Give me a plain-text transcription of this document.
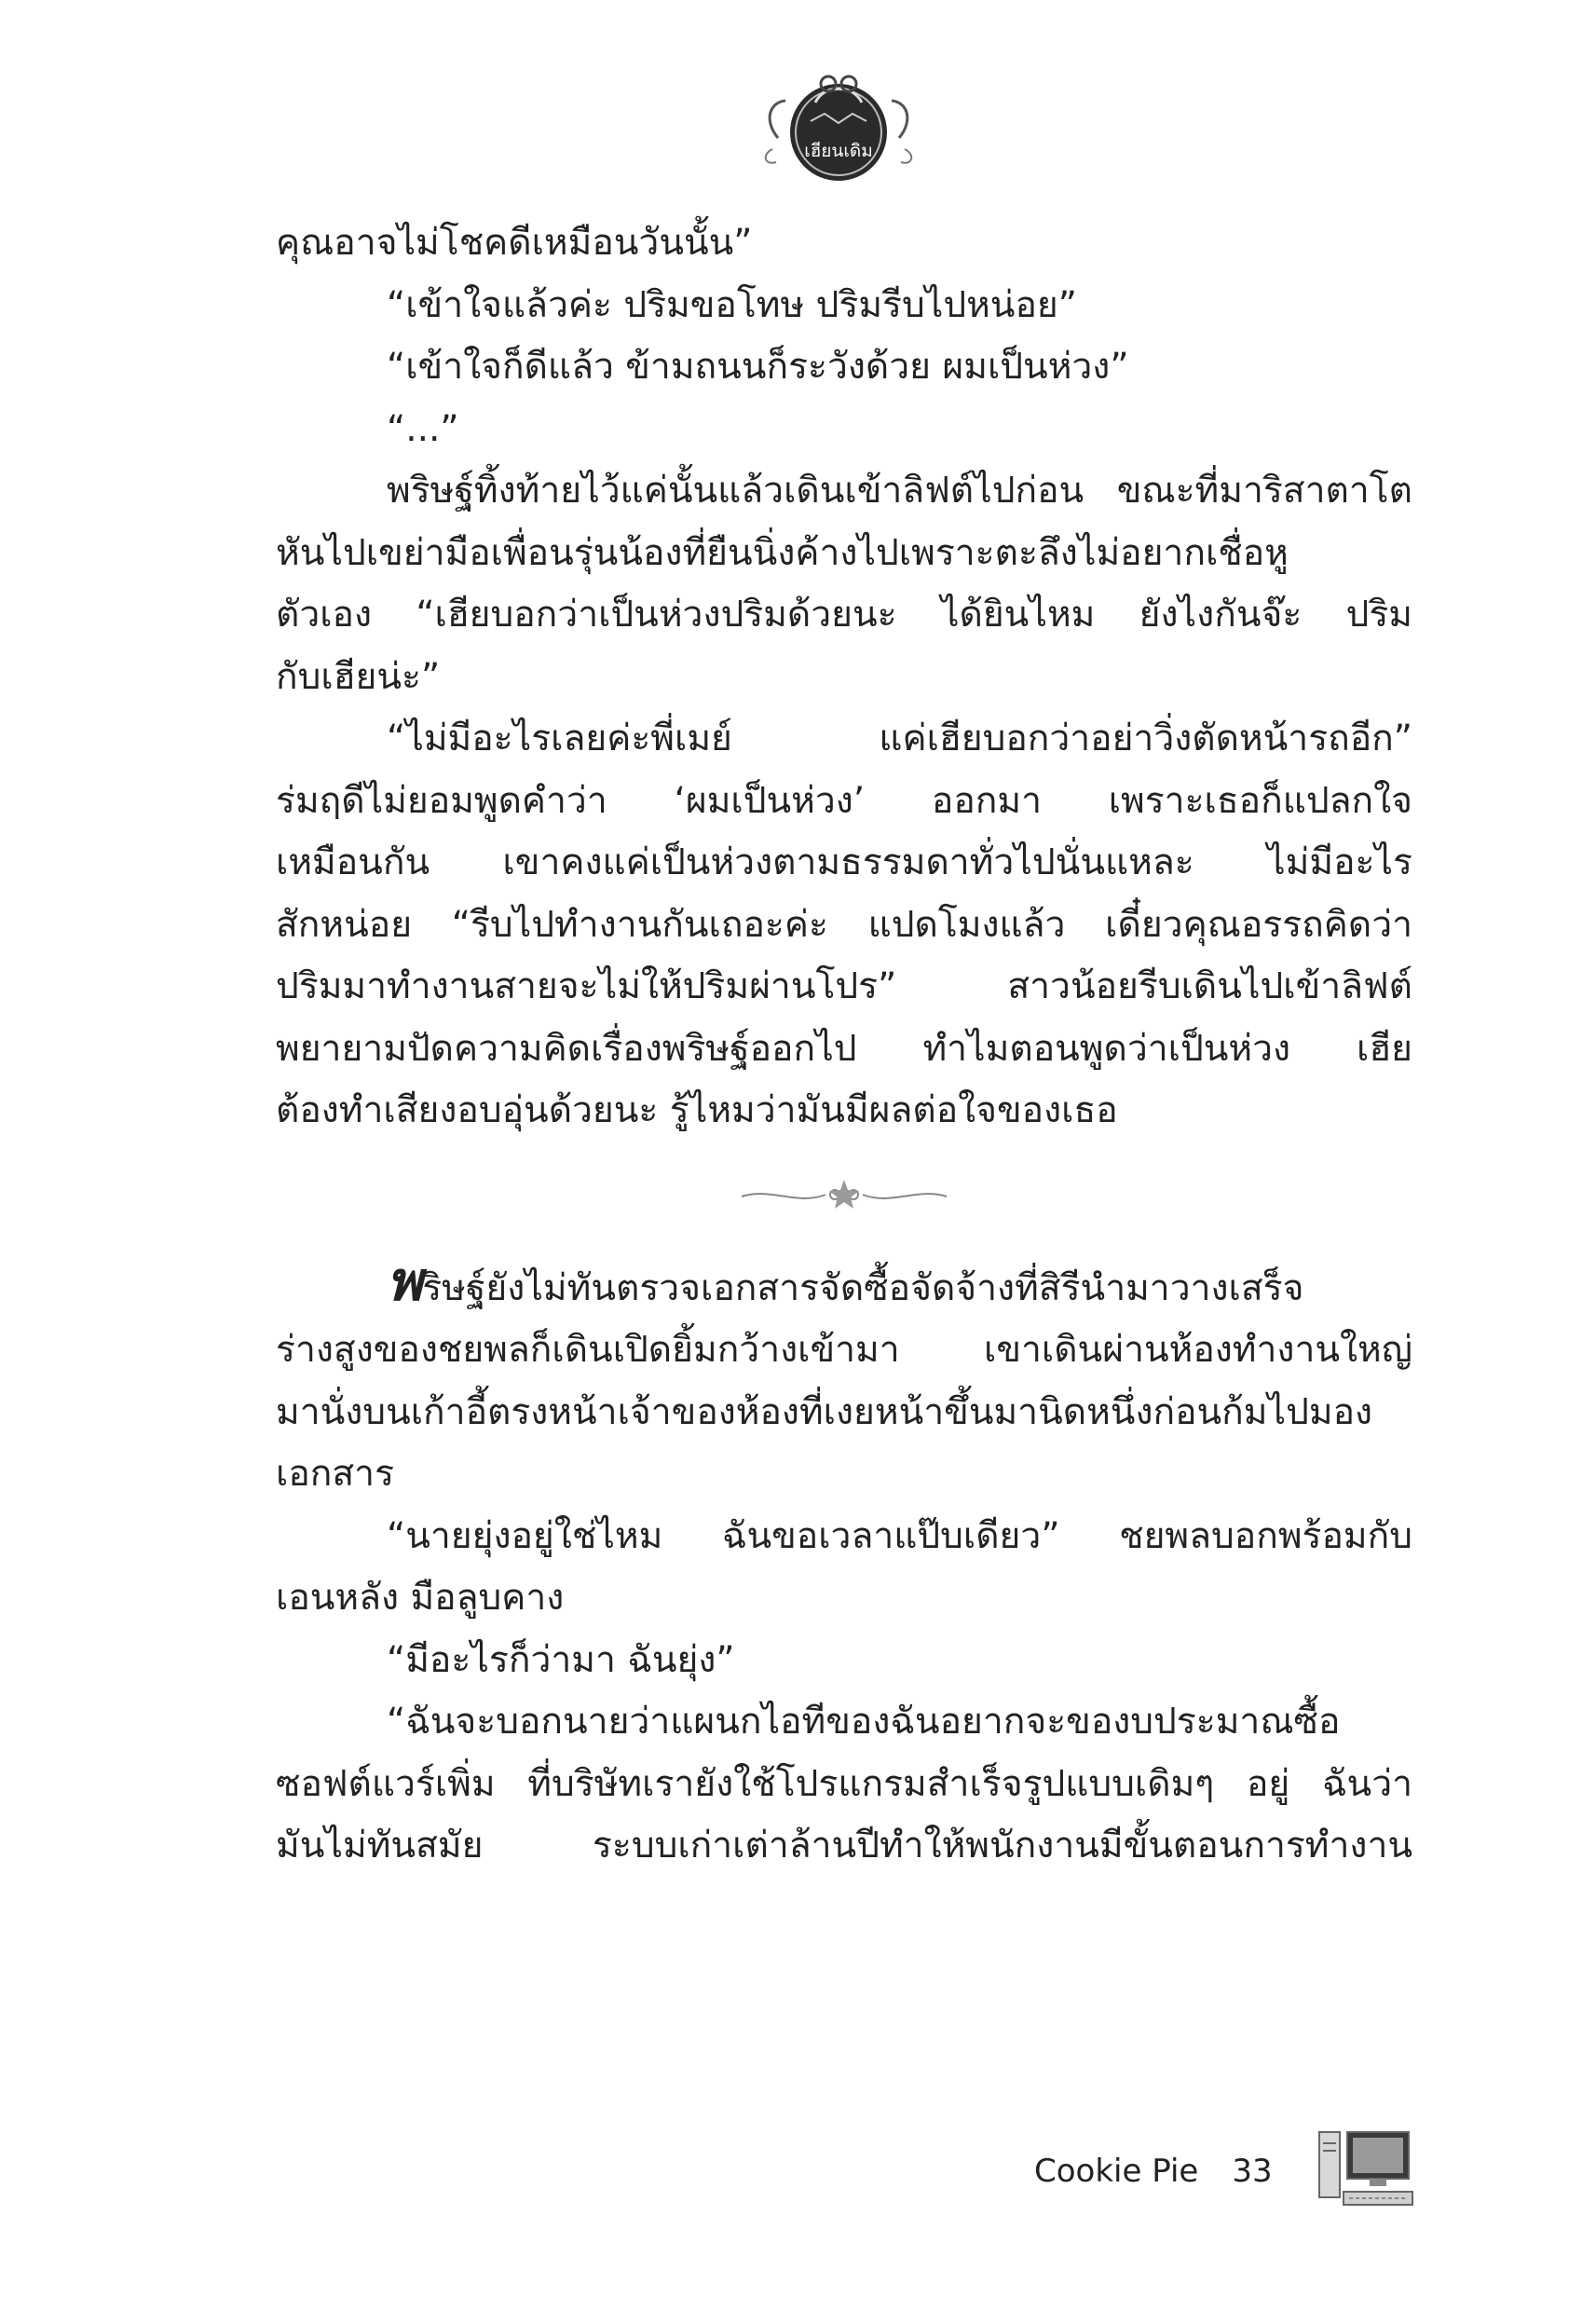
เฮียนเดิม
คุณอาจไม่โชคดีเหมือนวันนั้น”
“เข้าใจแล้วค่ะ ปริมขอโทษ ปริมรีบไปหน่อย”
“เข้าใจก็ดีแล้ว ข้ามถนนก็ระวังด้วย ผมเป็นห่วง”
“...”
พริษฐ์ทิ้งท้ายไว้แค่นั้นแล้วเดินเข้าลิฟต์ไปก่อน ขณะที่มาริสาตาโต
หันไปเขย่ามือเพื่อนรุ่นน้องที่ยืนนิ่งค้างไปเพราะตะลึงไม่อยากเชื่อหู
ตัวเอง “เฮียบอกว่าเป็นห่วงปริมด้วยนะ ได้ยินไหม ยังไงกันจ๊ะ ปริม
กับเฮียน่ะ”
“ไม่มีอะไรเลยค่ะพี่เมย์ แค่เฮียบอกว่าอย่าวิ่งตัดหน้ารถอีก”
ร่มฤดีไม่ยอมพูดคำว่า ‘ผมเป็นห่วง’ ออกมา เพราะเธอก็แปลกใจ
เหมือนกัน เขาคงแค่เป็นห่วงตามธรรมดาทั่วไปนั่นแหละ ไม่มีอะไร
สักหน่อย “รีบไปทำงานกันเถอะค่ะ แปดโมงแล้ว เดี๋ยวคุณอรรถคิดว่า
ปริมมาทำงานสายจะไม่ให้ปริมผ่านโปร” สาวน้อยรีบเดินไปเข้าลิฟต์
พยายามปัดความคิดเรื่องพริษฐ์ออกไป ทำไมตอนพูดว่าเป็นห่วง เฮีย
ต้องทำเสียงอบอุ่นด้วยนะ รู้ไหมว่ามันมีผลต่อใจของเธอ
พริษฐ์ยังไม่ทันตรวจเอกสารจัดซื้อจัดจ้างที่สิรีนำมาวางเสร็จ
ร่างสูงของชยพลก็เดินเปิดยิ้มกว้างเข้ามา เขาเดินผ่านห้องทำงานใหญ่
มานั่งบนเก้าอี้ตรงหน้าเจ้าของห้องที่เงยหน้าขึ้นมานิดหนึ่งก่อนก้มไปมอง
เอกสาร
“นายยุ่งอยู่ใช่ไหม ฉันขอเวลาแป๊บเดียว” ชยพลบอกพร้อมกับ
เอนหลัง มือลูบคาง
“มีอะไรก็ว่ามา ฉันยุ่ง”
“ฉันจะบอกนายว่าแผนกไอทีของฉันอยากจะของบประมาณซื้อ
ซอฟต์แวร์เพิ่ม ที่บริษัทเรายังใช้โปรแกรมสำเร็จรูปแบบเดิมๆ อยู่ ฉันว่า
มันไม่ทันสมัย ระบบเก่าเต่าล้านปีทำให้พนักงานมีขั้นตอนการทำงาน
Cookie Pie 33
